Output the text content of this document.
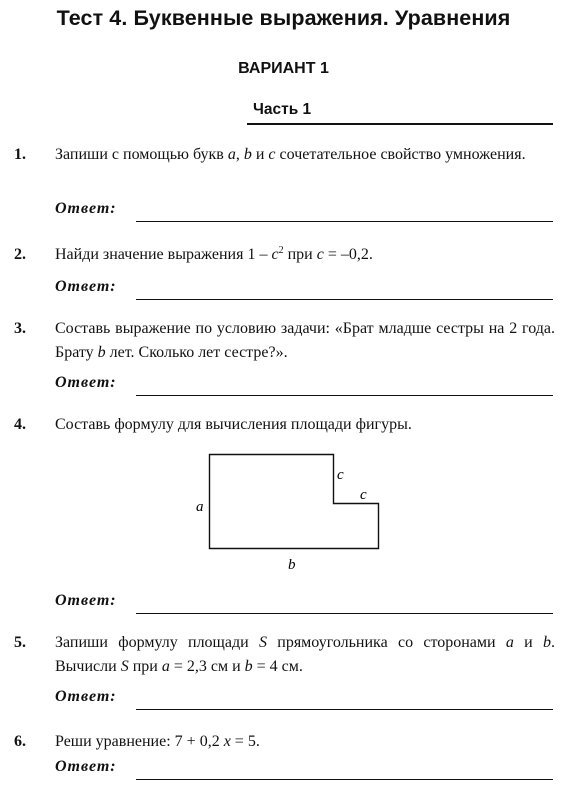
Тест 4. Буквенные выражения. Уравнения
ВАРИАНТ 1
Часть 1
1. Запиши с помощью букв a, b и c сочетательное свойство умножения.
Ответ:
2. Найди значение выражения $1 - c^2$ при c = –0,2.
Ответ:
3. Составь выражение по условию задачи: «Брат младше сестры на 2 года. Брату b лет. Сколько лет сестре?».
Ответ:
4. Составь формулу для вычисления площади фигуры.
a
b
c
c
Ответ:
5. Запиши формулу площади S прямоугольника со сторонами a и b. Вычисли S при a = 2,3 см и b = 4 см.
Ответ:
6. Реши уравнение: 7 + 0,2 x = 5.
Ответ:
